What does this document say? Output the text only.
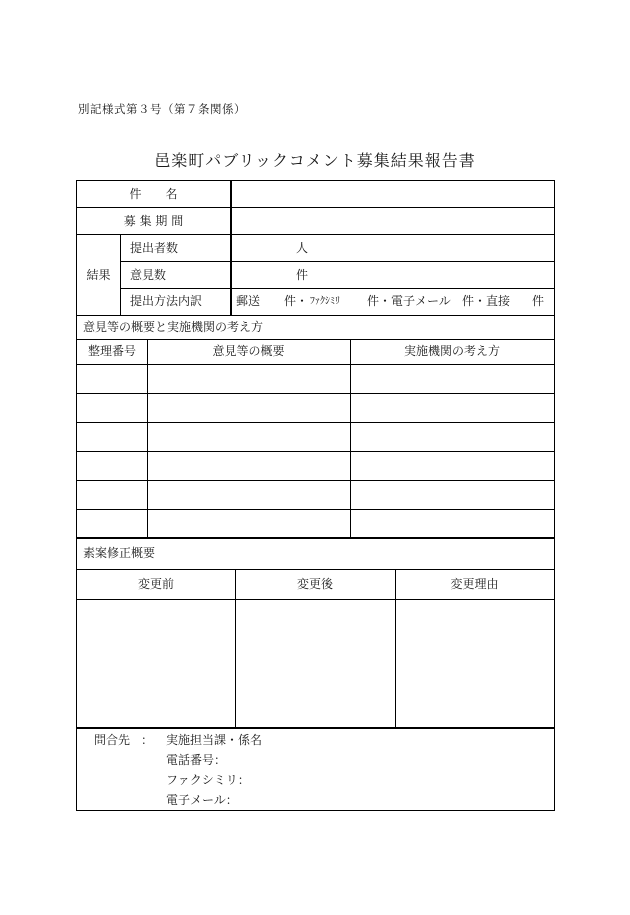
別記様式第３号（第７条関係）
邑楽町パブリックコメント募集結果報告書
件　　名
募 集 期 間
結果
提出者数	人
意見数	件
提出方法内訳	郵送 件・ ﾌｧｸｼﾐﾘ 件・電子メール 件・直接 件
意見等の概要と実施機関の考え方
整理番号	意見等の概要	実施機関の考え方
素案修正概要
変更前	変更後	変更理由
問合先 ： 実施担当課・係名
電話番号：
ファクシミリ：
電子メール：
